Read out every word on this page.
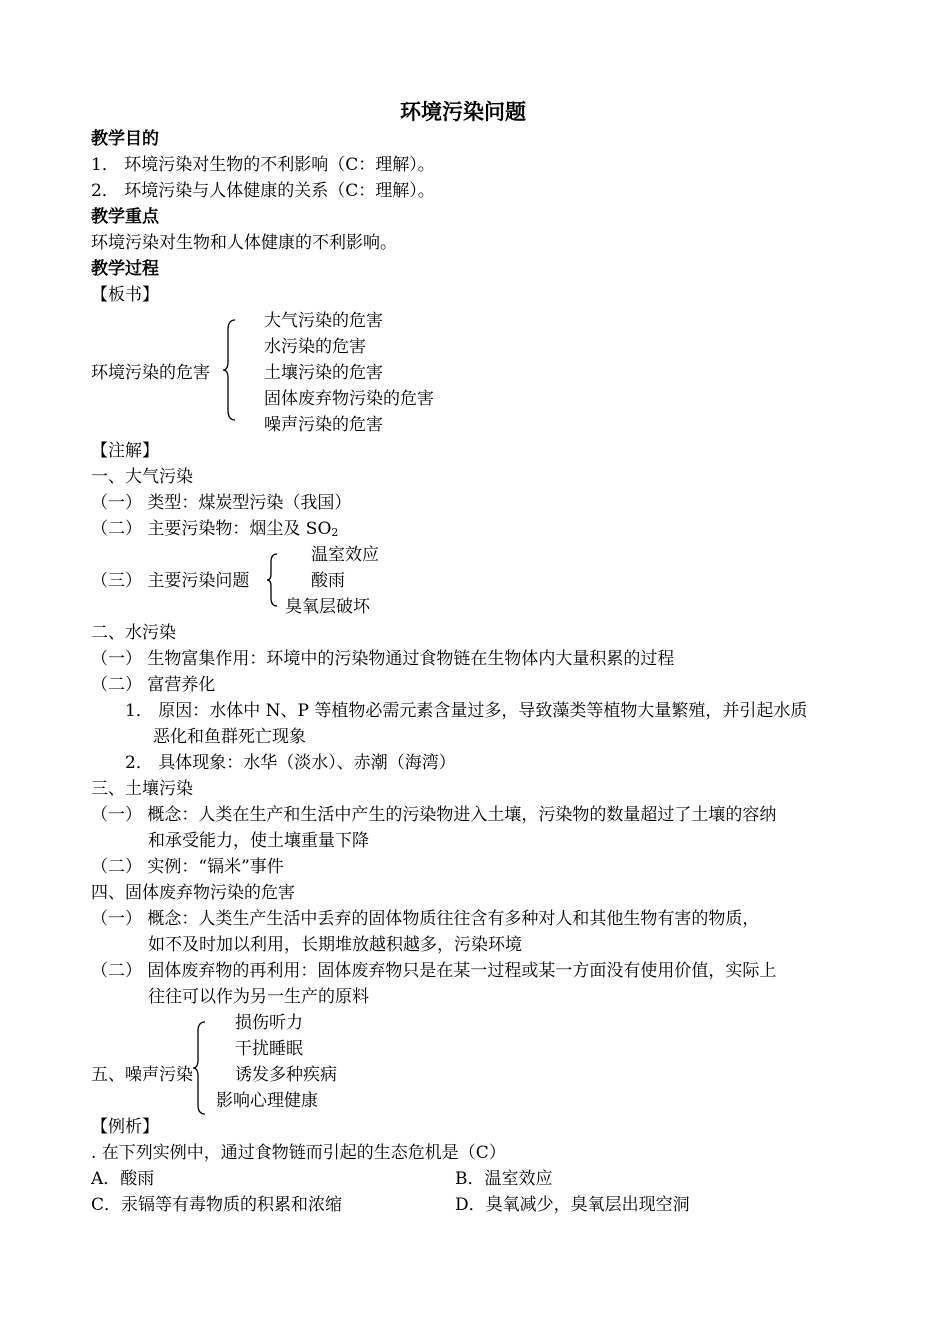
环境污染问题
教学目的
1． 环境污染对生物的不利影响（C：理解）。
2． 环境污染与人体健康的关系（C：理解）。
教学重点
环境污染对生物和人体健康的不利影响。
教学过程
【板书】
环境污染的危害
大气污染的危害
水污染的危害
土壤污染的危害
固体废弃物污染的危害
噪声污染的危害
【注解】
一、大气污染
（一） 类型：煤炭型污染（我国）
（二） 主要污染物：烟尘及 $SO_2$
（三） 主要污染问题
温室效应
酸雨
臭氧层破坏
二、水污染
（一） 生物富集作用：环境中的污染物通过食物链在生物体内大量积累的过程
（二） 富营养化
1． 原因：水体中 N、P 等植物必需元素含量过多，导致藻类等植物大量繁殖，并引起水质
恶化和鱼群死亡现象
2． 具体现象：水华（淡水）、赤潮（海湾）
三、土壤污染
（一） 概念：人类在生产和生活中产生的污染物进入土壤，污染物的数量超过了土壤的容纳
和承受能力，使土壤重量下降
（二） 实例：“镉米”事件
四、固体废弃物污染的危害
（一） 概念：人类生产生活中丢弃的固体物质往往含有多种对人和其他生物有害的物质，
如不及时加以利用，长期堆放越积越多，污染环境
（二） 固体废弃物的再利用：固体废弃物只是在某一过程或某一方面没有使用价值，实际上
往往可以作为另一生产的原料
五、噪声污染
损伤听力
干扰睡眠
诱发多种疾病
影响心理健康
【例析】
. 在下列实例中，通过食物链而引起的生态危机是（C）
A．酸雨	B．温室效应
C．汞镉等有毒物质的积累和浓缩	D．臭氧减少，臭氧层出现空洞
